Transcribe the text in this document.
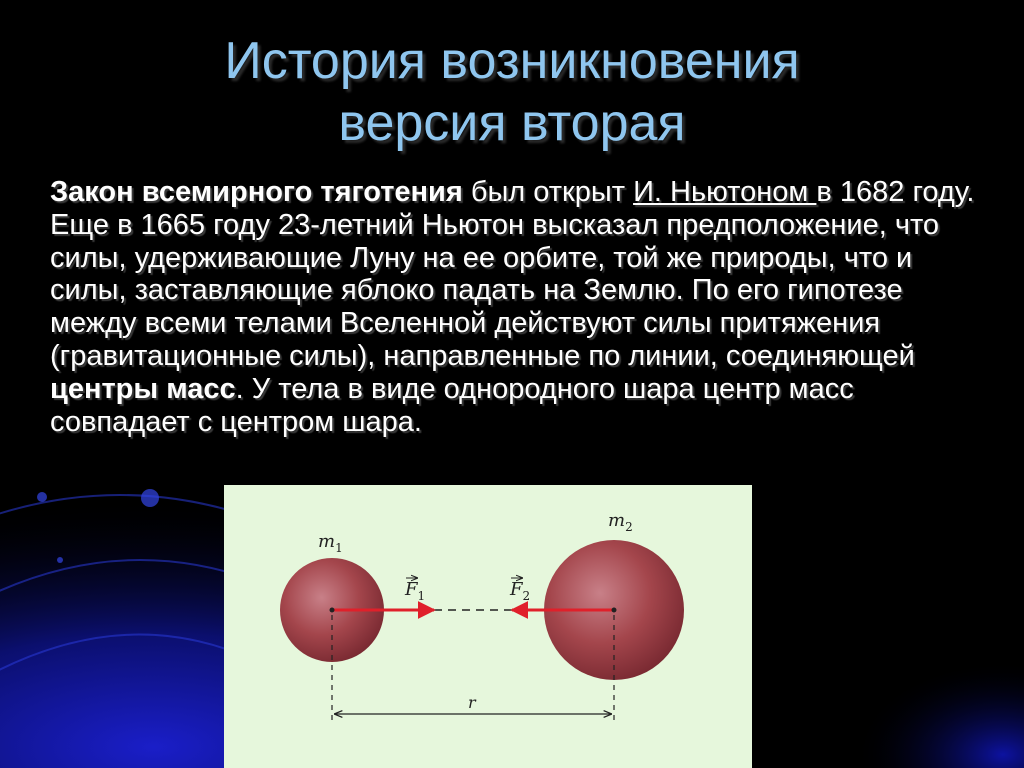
История возникновения
версия вторая
Закон всемирного тяготения был открыт И. Ньютоном в 1682 году. Еще в 1665 году 23-летний Ньютон высказал предположение, что силы, удерживающие Луну на ее орбите, той же природы, что и силы, заставляющие яблоко падать на Землю. По его гипотезе между всеми телами Вселенной действуют силы притяжения (гравитационные силы), направленные по линии, соединяющей центры масс. У тела в виде однородного шара центр масс совпадает с центром шара.
$m_1$
$m_2$
$F_1$	$F_2$
r
